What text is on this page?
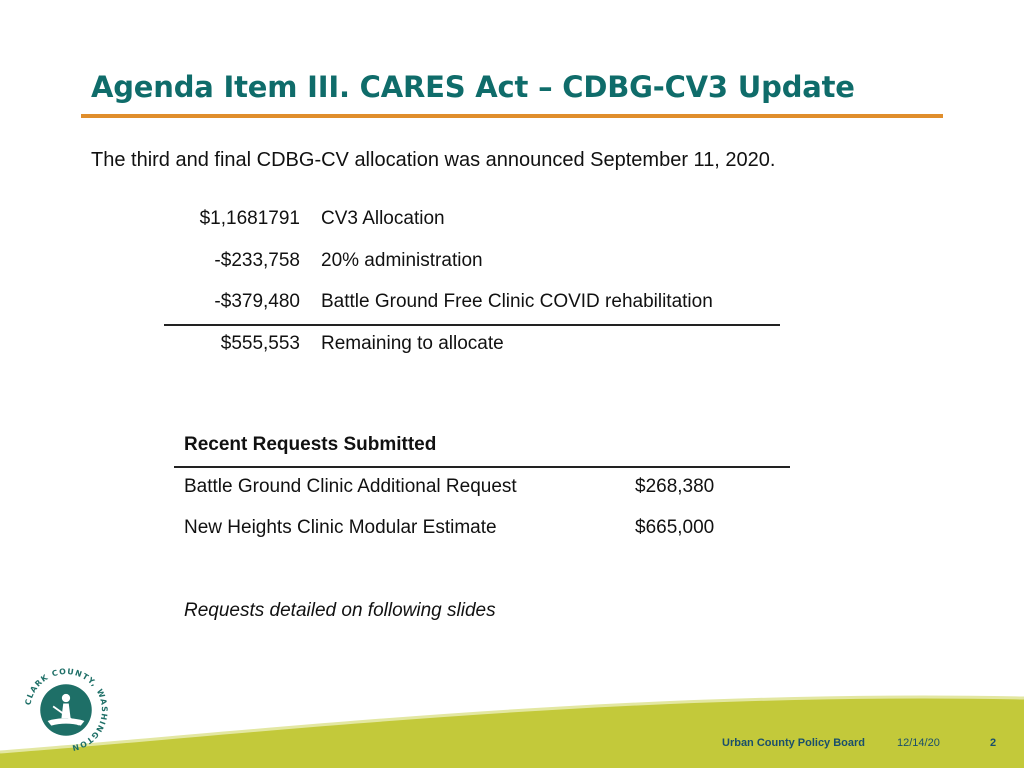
Agenda Item III. CARES Act – CDBG-CV3 Update
The third and final CDBG-CV allocation was announced September 11, 2020.
$1,1681791 CV3 Allocation
-$233,758 20% administration
-$379,480 Battle Ground Free Clinic COVID rehabilitation
$555,553 Remaining to allocate
Recent Requests Submitted
Battle Ground Clinic Additional Request	$268,380
New Heights Clinic Modular Estimate	$665,000
Requests detailed on following slides
CLARK COUNTY, WASHINGTON	Urban County Policy Board	12/14/20	2
